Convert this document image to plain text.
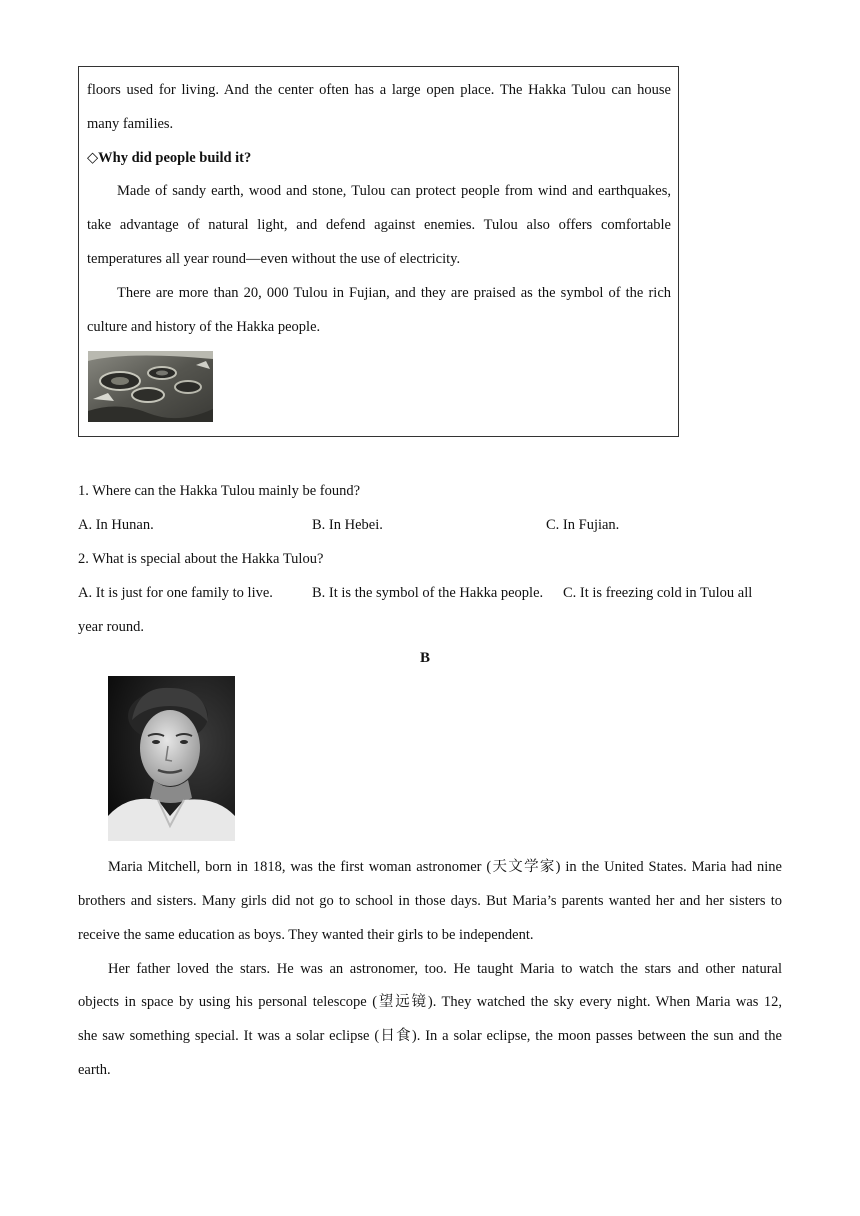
floors used for living. And the center often has a large open place. The Hakka Tulou can house
many families.
◇Why did people build it?
Made of sandy earth, wood and stone, Tulou can protect people from wind and earthquakes,
take advantage of natural light, and defend against enemies. Tulou also offers comfortable
temperatures all year round—even without the use of electricity.
There are more than 20, 000 Tulou in Fujian, and they are praised as the symbol of the rich
culture and history of the Hakka people.
1. Where can the Hakka Tulou mainly be found?
A. In Hunan.	B. In Hebei.	C. In Fujian.
2. What is special about the Hakka Tulou?
A. It is just for one family to live.	B. It is the symbol of the Hakka people. C. It is freezing cold in Tulou all
year round.
B
Maria Mitchell, born in 1818, was the first woman astronomer (天文学家) in the United States. Maria had nine
brothers and sisters. Many girls did not go to school in those days. But Maria’s parents wanted her and her sisters to
receive the same education as boys. They wanted their girls to be independent.
Her father loved the stars. He was an astronomer, too. He taught Maria to watch the stars and other natural
objects in space by using his personal telescope (望远镜). They watched the sky every night. When Maria was 12,
she saw something special. It was a solar eclipse (日食). In a solar eclipse, the moon passes between the sun and the
earth.
